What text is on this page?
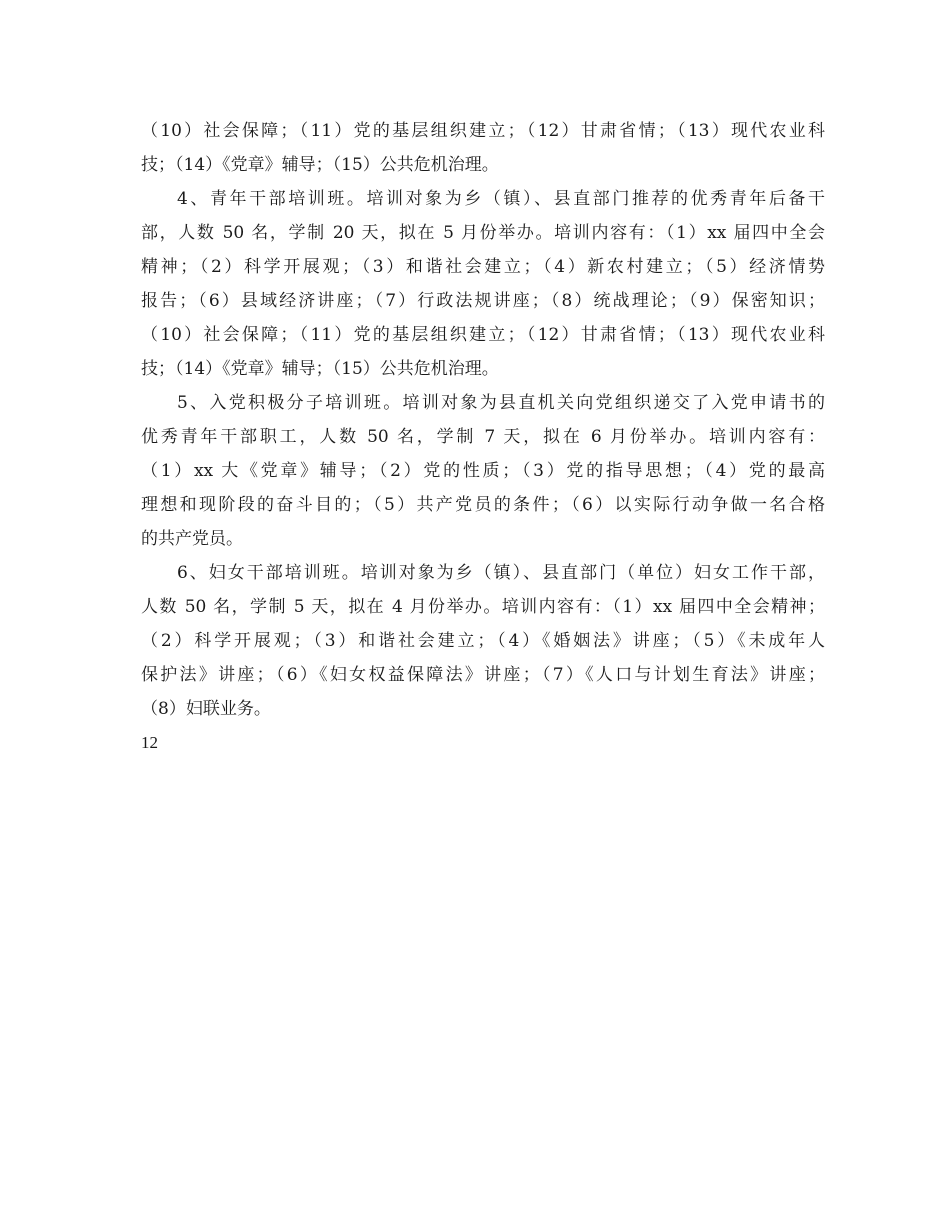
（10）社会保障；（11）党的基层组织建立；（12）甘肃省情；（13）现代农业科
技；（14）《党章》辅导；（15）公共危机治理。
4、青年干部培训班。培训对象为乡（镇）、县直部门推荐的优秀青年后备干
部，人数 50 名，学制 20 天，拟在 5 月份举办。培训内容有：（1）xx 届四中全会
精神；（2）科学开展观；（3）和谐社会建立；（4）新农村建立；（5）经济情势
报告；（6）县域经济讲座；（7）行政法规讲座；（8）统战理论；（9）保密知识；
（10）社会保障；（11）党的基层组织建立；（12）甘肃省情；（13）现代农业科
技；（14）《党章》辅导；（15）公共危机治理。
5、入党积极分子培训班。培训对象为县直机关向党组织递交了入党申请书的
优秀青年干部职工，人数 50 名，学制 7 天，拟在 6 月份举办。培训内容有：
（1）xx 大《党章》辅导；（2）党的性质；（3）党的指导思想；（4）党的最高
理想和现阶段的奋斗目的；（5）共产党员的条件；（6）以实际行动争做一名合格
的共产党员。
6、妇女干部培训班。培训对象为乡（镇）、县直部门（单位）妇女工作干部，
人数 50 名，学制 5 天，拟在 4 月份举办。培训内容有：（1）xx 届四中全会精神；
（2）科学开展观；（3）和谐社会建立；（4）《婚姻法》讲座；（5）《未成年人
保护法》讲座；（6）《妇女权益保障法》讲座；（7）《人口与计划生育法》讲座；
（8）妇联业务。
12
